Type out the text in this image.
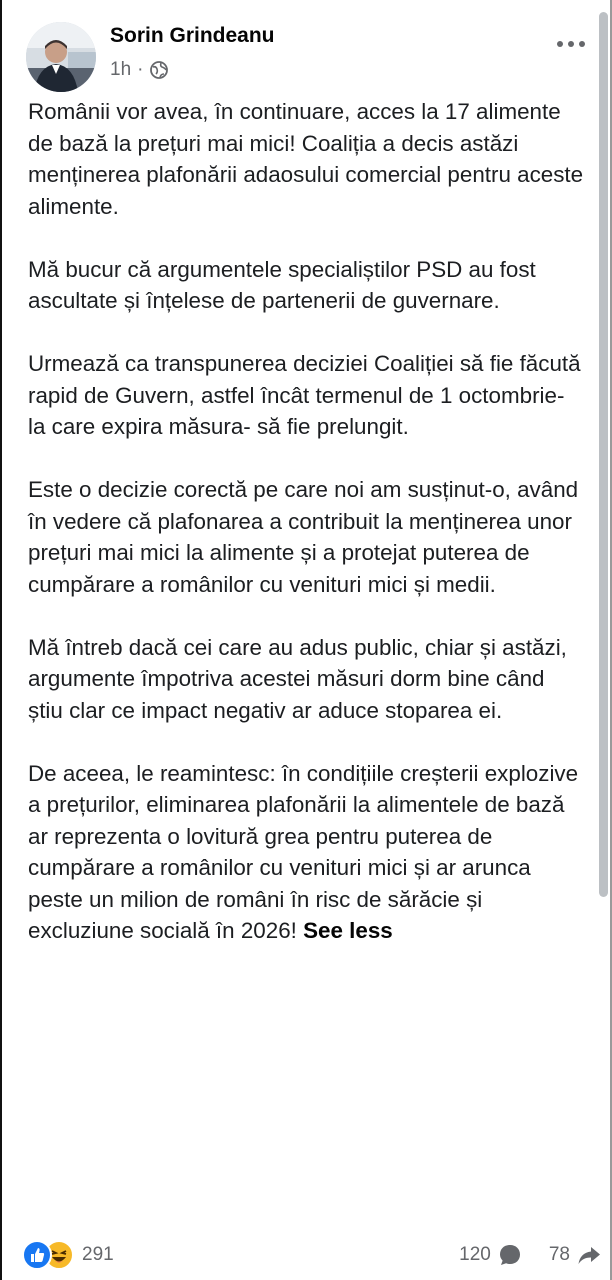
Sorin Grindeanu
1h ·

Românii vor avea, în continuare, acces la 17 alimente de bază la prețuri mai mici! Coaliția a decis astăzi menținerea plafonării adaosului comercial pentru aceste alimente.

Mă bucur că argumentele specialiștilor PSD au fost ascultate și înțelese de partenerii de guvernare.

Urmează ca transpunerea deciziei Coaliției să fie făcută rapid de Guvern, astfel încât termenul de 1 octombrie- la care expira măsura- să fie prelungit.

Este o decizie corectă pe care noi am susținut-o, având în vedere că plafonarea a contribuit la menținerea unor prețuri mai mici la alimente și a protejat puterea de cumpărare a românilor cu venituri mici și medii.

Mă întreb dacă cei care au adus public, chiar și astăzi, argumente împotriva acestei măsuri dorm bine când știu clar ce impact negativ ar aduce stoparea ei.

De aceea, le reamintesc: în condițiile creșterii explozive a prețurilor, eliminarea plafonării la alimentele de bază ar reprezenta o lovitură grea pentru puterea de cumpărare a românilor cu venituri mici și ar arunca peste un milion de români în risc de sărăcie și excluziune socială în 2026! See less

291	120	78
